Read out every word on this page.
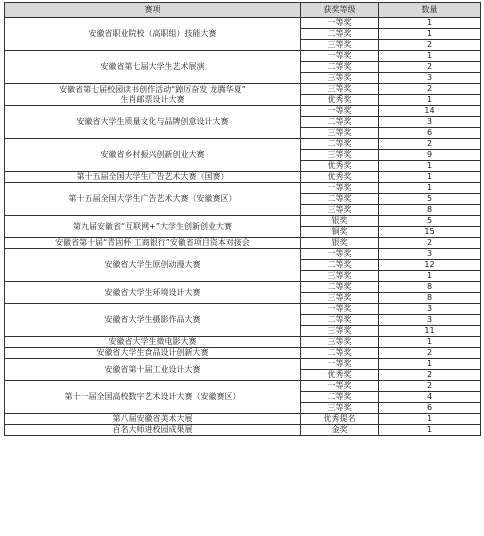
赛项	获奖等级	数量
安徽省职业院校（高职组）技能大赛	一等奖	1
	二等奖	1
	三等奖	2
安徽省第七届大学生艺术展演	一等奖	1
	二等奖	2
	三等奖	3

安徽省第七届校园读书创作活动“踔厉奋发 龙腾华夏”
生肖邮票设计大赛	三等奖	2
	优秀奖	1
安徽省大学生质量文化与品牌创意设计大赛	一等奖	14
	二等奖	3
	三等奖	6
安徽省乡村振兴创新创业大赛	二等奖	2
	三等奖	9
	优秀奖	1
第十五届全国大学生广告艺术大赛（国赛）	优秀奖	1
第十五届全国大学生广告艺术大赛（安徽赛区）	一等奖	1
	二等奖	5
	三等奖	8
第九届安徽省“互联网+”大学生创新创业大赛	银奖	5
	铜奖	15
安徽省第十届“青固杯 工商银行”安徽省项目资本对接会	银奖	2
安徽省大学生原创动漫大赛	一等奖	3
	二等奖	12
	三等奖	1
安徽省大学生环境设计大赛	二等奖	8
	三等奖	8
安徽省大学生摄影作品大赛	一等奖	3
	二等奖	3
	三等奖	11
安徽省大学生微电影大赛	三等奖	1
安徽省大学生食品设计创新大赛	二等奖	2
安徽省第十届工业设计大赛	一等奖	1
	优秀奖	2
第十一届全国高校数字艺术设计大赛（安徽赛区）	一等奖	2
	二等奖	4
	三等奖	6
第八届安徽省美术大展	优秀提名	1
百名大师进校园成果展	金奖	1
